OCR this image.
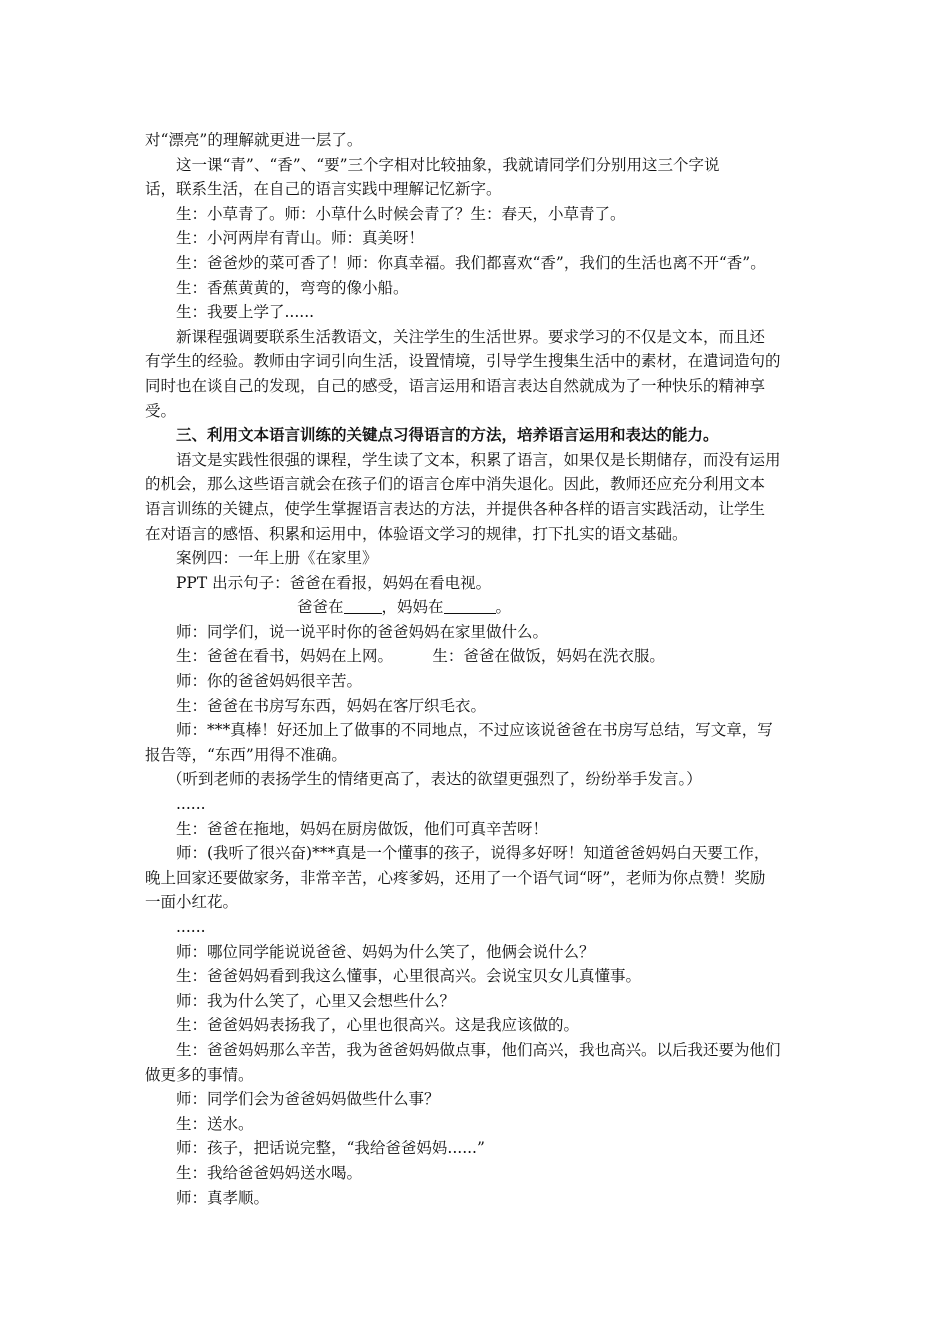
对“漂亮”的理解就更进一层了。

这一课“青”、“香”、“要”三个字相对比较抽象，我就请同学们分别用这三个字说

话，联系生活，在自己的语言实践中理解记忆新字。

生：小草青了。师：小草什么时候会青了？生：春天，小草青了。

生：小河两岸有青山。师：真美呀！

生：爸爸炒的菜可香了！师：你真幸福。我们都喜欢“香”，我们的生活也离不开“香”。

生：香蕉黄黄的，弯弯的像小船。

生：我要上学了......

新课程强调要联系生活教语文，关注学生的生活世界。要求学习的不仅是文本，而且还

有学生的经验。教师由字词引向生活，设置情境，引导学生搜集生活中的素材，在遣词造句的

同时也在谈自己的发现，自己的感受，语言运用和语言表达自然就成为了一种快乐的精神享

受。

三、利用文本语言训练的关键点习得语言的方法，培养语言运用和表达的能力。

语文是实践性很强的课程，学生读了文本，积累了语言，如果仅是长期储存，而没有运用

的机会，那么这些语言就会在孩子们的语言仓库中消失退化。因此，教师还应充分利用文本

语言训练的关键点，使学生掌握语言表达的方法，并提供各种各样的语言实践活动，让学生

在对语言的感悟、积累和运用中，体验语文学习的规律，打下扎实的语文基础。

案例四：一年上册《在家里》

PPT 出示句子：爸爸在看报，妈妈在看电视。

爸爸在 ，妈妈在	。

师：同学们，说一说平时你的爸爸妈妈在家里做什么。

生：爸爸在看书，妈妈在上网。        生：爸爸在做饭，妈妈在洗衣服。

师：你的爸爸妈妈很辛苦。

生：爸爸在书房写东西，妈妈在客厅织毛衣。

师：***真棒！好还加上了做事的不同地点，不过应该说爸爸在书房写总结，写文章，写

报告等，“东西”用得不准确。

（听到老师的表扬学生的情绪更高了，表达的欲望更强烈了，纷纷举手发言。）

......

生：爸爸在拖地，妈妈在厨房做饭，他们可真辛苦呀！

师：(我听了很兴奋)***真是一个懂事的孩子，说得多好呀！知道爸爸妈妈白天要工作，

晚上回家还要做家务，非常辛苦，心疼爹妈，还用了一个语气词“呀”，老师为你点赞！奖励

一面小红花。

......

师：哪位同学能说说爸爸、妈妈为什么笑了，他俩会说什么？

生：爸爸妈妈看到我这么懂事，心里很高兴。会说宝贝女儿真懂事。

师：我为什么笑了，心里又会想些什么？

生：爸爸妈妈表扬我了，心里也很高兴。这是我应该做的。

生：爸爸妈妈那么辛苦，我为爸爸妈妈做点事，他们高兴，我也高兴。以后我还要为他们

做更多的事情。

师：同学们会为爸爸妈妈做些什么事？

生：送水。

师：孩子，把话说完整，“我给爸爸妈妈......”

生：我给爸爸妈妈送水喝。

师：真孝顺。
